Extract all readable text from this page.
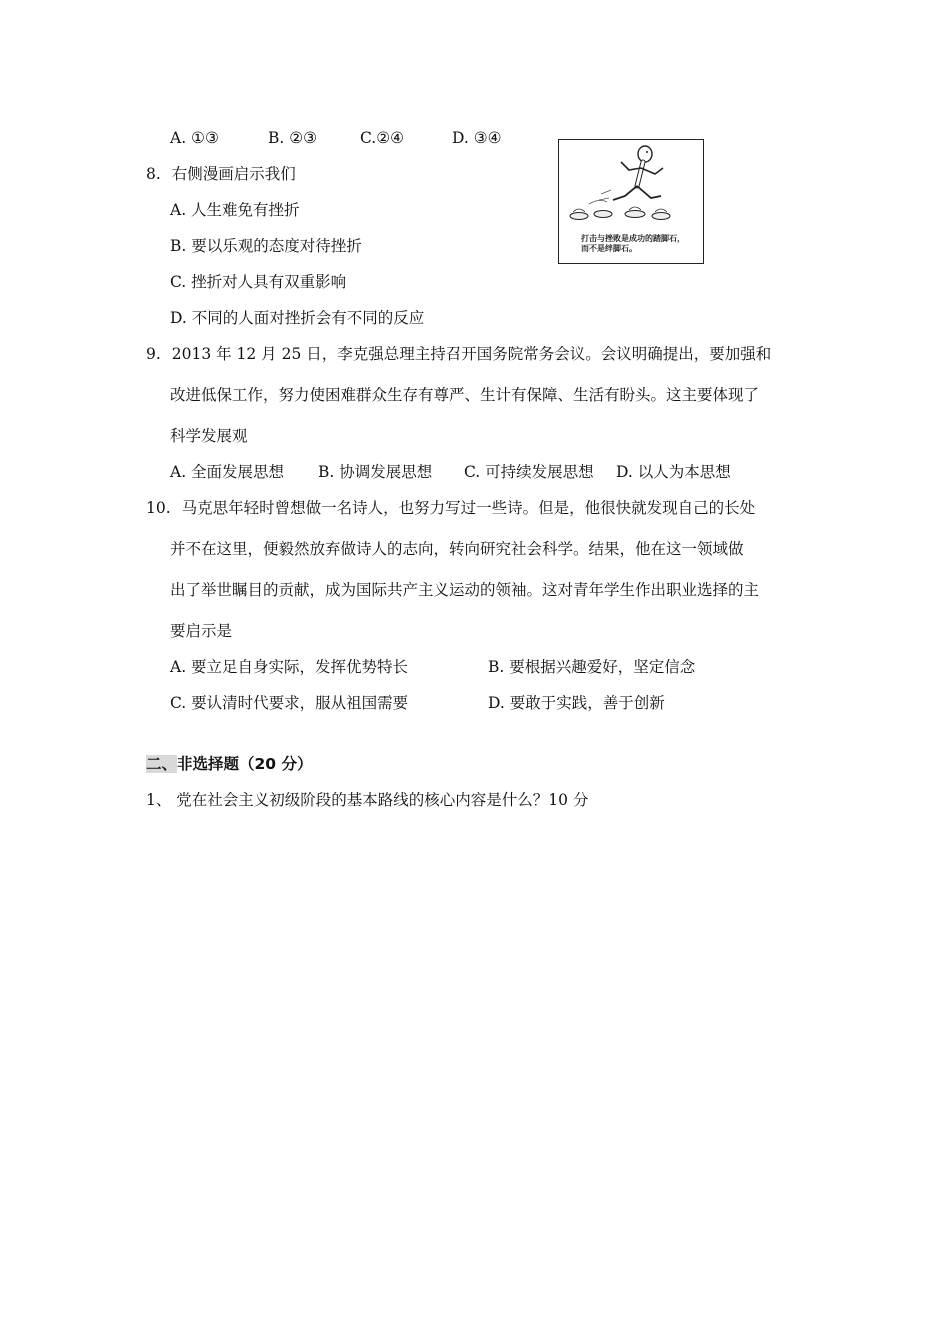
A. ①③	B. ②③	C.②④	D. ③④
8. 右侧漫画启示我们
A. 人生难免有挫折
B. 要以乐观的态度对待挫折
C. 挫折对人具有双重影响
D. 不同的人面对挫折会有不同的反应
打击与挫败是成功的踏脚石，
而不是绊脚石。
9. 2013 年 12 月 25 日，李克强总理主持召开国务院常务会议。会议明确提出，要加强和
改进低保工作，努力使困难群众生存有尊严、生计有保障、生活有盼头。这主要体现了
科学发展观
A. 全面发展思想 B. 协调发展思想 C. 可持续发展思想 D. 以人为本思想
10. 马克思年轻时曾想做一名诗人，也努力写过一些诗。但是，他很快就发现自己的长处
并不在这里，便毅然放弃做诗人的志向，转向研究社会科学。结果，他在这一领域做
出了举世瞩目的贡献，成为国际共产主义运动的领袖。这对青年学生作出职业选择的主
要启示是
A. 要立足自身实际，发挥优势特长	B. 要根据兴趣爱好，坚定信念
C. 要认清时代要求，服从祖国需要	D. 要敢于实践，善于创新
二、非选择题（20 分）
1、 党在社会主义初级阶段的基本路线的核心内容是什么？10 分
